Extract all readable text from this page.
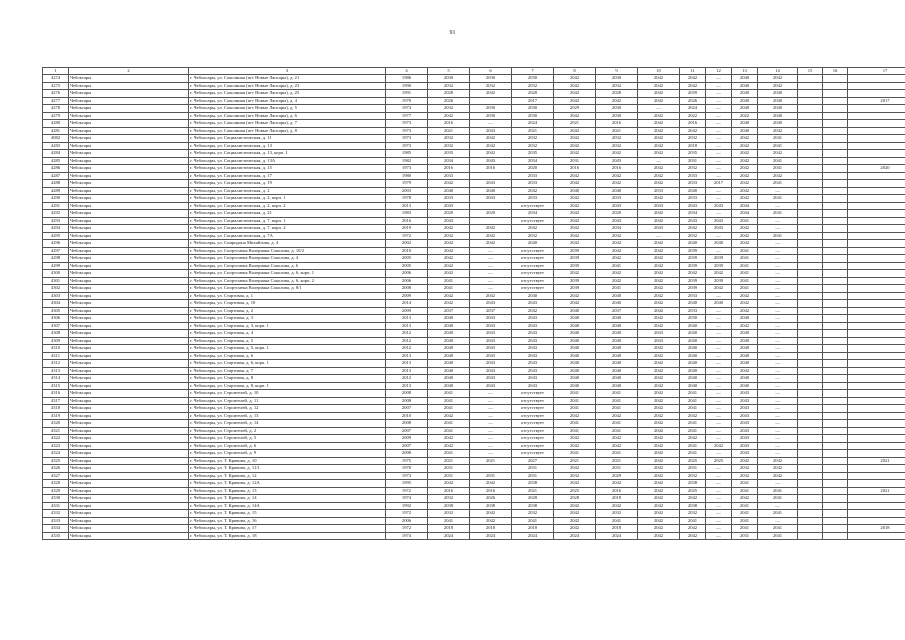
91
1	2	3	4	5	6	7	8	9	10	11	12	13	14	15	16	17
4274	Чебоксары	г. Чебоксары, ул. Соколиная (пгт Новые Лапсары), д. 21	1986	2030	2030	2030	2042	2030	2042	2042	—	2040	2042			
4275	Чебоксары	г. Чебоксары, ул. Соколиная (пгт Новые Лапсары), д. 23	1990	2032	2032	2032	2042	2032	2042	2042	—	2040	2042			
4276	Чебоксары	г. Чебоксары, ул. Соколиная (пгт Новые Лапсары), д. 25	1991	2028	2042	2028	2042	2028	2042	2039	—	2040	2040			
4277	Чебоксары	г. Чебоксары, ул. Соколиная (пгт Новые Лапсары), д. 4	1979	2026		2017	2042	2042	2042	2026	—	2040	2040			2017
4278	Чебоксары	г. Чебоксары, ул. Соколиная (пгт Новые Лапсары), д. 5	1973	2032	2030	2030	2029	2030	—	2024	—	2040	2040			
4279	Чебоксары	г. Чебоксары, ул. Соколиная (пгт Новые Лапсары), д. 6	1977	2042	2030	2030	2042	2030	2042	2022	—	2022	2040			
4280	Чебоксары	г. Чебоксары, ул. Соколиная (пгт Новые Лапсары), д. 7	1973	2016	—	2024	2021	2016	2042	2016	—	2040	2040			
4281	Чебоксары	г. Чебоксары, ул. Соколиная (пгт Новые Лапсары), д. 8	1973	2021	2043	2021	2042	2021	2042	2042	—	2040	2042			
4082	Чебоксары	г. Чебоксары, ул. Социалистическая, д. 11	1973	2032	2042	2032	2042	2032	2042	2032	—	2042	2041			
4283	Чебоксары	г. Чебоксары, ул. Социалистическая, д. 13	1973	2032	2042	2032	2042	2032	2042	2018	—	2042	2041			
4284	Чебоксары	г. Чебоксары, ул. Социалистическая, д. 13, корп. 1	1985	2035	2042	2035	2042	2042	2042	2035	—	2042	2042			
4285	Чебоксары	г. Чебоксары, ул. Социалистическая, д. 13А	1982	2034	2043	2034	2031	2043	—	2031	—	2042	2041			
4286	Чебоксары	г. Чебоксары, ул. Социалистическая, д. 15	1973	2016	2016	2020	2016	2016	2042	2032	—	2042	2041			2020
4287	Чебоксары	г. Чебоксары, ул. Социалистическая, д. 17	1980	2033		2033	2042	2042	2042	2033	—	2042	2042			
4288	Чебоксары	г. Чебоксары, ул. Социалистическая, д. 19	1979	2042	2043	2033	2042	2042	2042	2033	2017	2042	2041			
4289	Чебоксары	г. Чебоксары, ул. Социалистическая, д. 2	2003	2040	2040	2042	2040	2040	2033	2040	—	2042	—			
4290	Чебоксары	г. Чебоксары, ул. Социалистическая, д. 2, корп. 1	1978	2033	2043	2033	2042	2033	2042	2033	—	2042	2041			
4291	Чебоксары	г. Чебоксары, ул. Социалистическая, д. 2, корп. 2	2013	2043		отсутствует	2042	2043	2043	2043	2043	2044	—			
4292	Чебоксары	г. Чебоксары, ул. Социалистическая, д. 21	1983	2020	2020	2034	2042	2020	2042	2034	—	2044	2041			
4293	Чебоксары	г. Чебоксары, ул. Социалистическая, д. 7, корп. 1	2016	2043		отсутствует	2042	2043	2042	2043	2043	2041	—			
4294	Чебоксары	г. Чебоксары, ул. Социалистическая, д. 7, корп. 2	2019	2042	2042	2042	2042	2034	2043	2042	2043	2042	—			
4295	Чебоксары	г. Чебоксары, ул. Социалистическая, д. 7А	1972	2032	2042	2032	2042	2032	—	2032	—	2042	2041			
4296	Чебоксары	г. Чебоксары, ул. Спиридона Михайлова, д. 4	2002	2042	2042	2040	2042	2042	2042	2040	2040	2042	—			
4297	Чебоксары	г. Чебоксары, ул. Спортсмена Валериана Соколова, д. 10/2	2010	2042	—	отсутствует	2039	2042	2042	2039	—	2041	—			
4298	Чебоксары	г. Чебоксары, ул. Спортсмена Валериана Соколова, д. 4	2005	2042	—	отсутствует	2039	2042	2042	2039	2039	2041	—			
4299	Чебоксары	г. Чебоксары, ул. Спортсмена Валериана Соколова, д. 6	2005	2042	—	отсутствует	2039	2041	2042	2039	2039	2041	—			
4300	Чебоксары	г. Чебоксары, ул. Спортсмена Валериана Соколова, д. 6, корп. 1	2006	2042	—	отсутствует	2042	2042	2042	2042	2042	2041	—			
4301	Чебоксары	г. Чебоксары, ул. Спортсмена Валериана Соколова, д. 6, корп. 2	2006	2041	—	отсутствует	2039	2042	2042	2039	2039	2041	—			
4302	Чебоксары	г. Чебоксары, ул. Спортсмена Валериана Соколова, д. 8/1	2008	2041	—	отсутствует	2039	2041	2042	2039	2042	2041	—			
4303	Чебоксары	г. Чебоксары, ул. Стартовая, д. 1	2009	2042	2042	2040	2042	2040	2042	2033	—	2042	—			
4304	Чебоксары	г. Чебоксары, ул. Стартовая, д. 10	2014	2042	2043	2043	2042	2040	2042	2040	2040	2042	—			
4305	Чебоксары	г. Чебоксары, ул. Стартовая, д. 2	2009	2037	2037	2042	2040	2037	2042	2033	—	2042	—			
4306	Чебоксары	г. Чебоксары, ул. Стартовая, д. 3	2013	2040	2043	2043	2040	2040	2042	2030	—	2040	—			
4307	Чебоксары	г. Чебоксары, ул. Стартовая, д. 3, корп. 1	2013	2040	2043	2043	2040	2040	2042	2040	—	2042	—			
4308	Чебоксары	г. Чебоксары, ул. Стартовая, д. 4	2012	2040	2043	2043	2040	2040	2043	2040	—	2040	—			
4309	Чебоксары	г. Чебоксары, ул. Стартовая, д. 5	2012	2040	2043	2043	2040	2040	2043	2040	—	2040	—			
4310	Чебоксары	г. Чебоксары, ул. Стартовая, д. 5, корп. 1	2012	2040	2043	2043	2040	2040	2042	2040	—	2040	—			
4311	Чебоксары	г. Чебоксары, ул. Стартовая, д. 6	2013	2040	2043	2043	2040	2040	2042	2040	—	2040	—			
4312	Чебоксары	г. Чебоксары, ул. Стартовая, д. 6, корп. 1	2013	2040	2043	2043	2040	2040	2042	2040	—	2040	—			
4313	Чебоксары	г. Чебоксары, ул. Стартовая, д. 7	2013	2040	2043	2043	2040	2040	2042	2040	—	2042	—			
4314	Чебоксары	г. Чебоксары, ул. Стартовая, д. 8	2012	2040	2043	2043	2040	2040	2042	2040	—	2040	—			
4315	Чебоксары	г. Чебоксары, ул. Стартовая, д. 8, корп. 1	2013	2040	2043	2043	2040	2040	2042	2040	—	2040	—			
4316	Чебоксары	г. Чебоксары, ул. Строителей, д. 10	2008	2041	—	отсутствует	2041	2041	2042	2041	—	2043	—			
4317	Чебоксары	г. Чебоксары, ул. Строителей, д. 11	2008	2041	—	отсутствует	2041	2041	2042	2041	—	2043	—			
4318	Чебоксары	г. Чебоксары, ул. Строителей, д. 12	2007	2041	—	отсутствует	2041	2041	2042	2041	—	2043	—			
4319	Чебоксары	г. Чебоксары, ул. Строителей, д. 13	2010	2042	—	отсутствует	2042	2042	2042	2042	—	2043	—			
4320	Чебоксары	г. Чебоксары, ул. Строителей, д. 14	2008	2041	—	отсутствует	2041	2041	2042	2041	—	2043	—			
4321	Чебоксары	г. Чебоксары, ул. Строителей, д. 2	2007	2041	—	отсутствует	2041	2041	2042	2041	—	2043	—			
4322	Чебоксары	г. Чебоксары, ул. Строителей, д. 5	2009	2042	—	отсутствует	2042	2042	2042	2042	—	2043	—			
4323	Чебоксары	г. Чебоксары, ул. Строителей, д. 6	2007	2042	—	отсутствует	2042	2042	2042	2041	2042	2043	—			
4324	Чебоксары	г. Чебоксары, ул. Строителей, д. 9	2008	2041	—	отсутствует	2041	2041	2042	2041	—	2043	—			
4325	Чебоксары	г. Чебоксары, ул. Т. Кривова, д. 10	1975	2021	2021	2027	2021	2021	2042	2025	2025	2042	2042			2021
4326	Чебоксары	г. Чебоксары, ул. Т. Кривова, д. 11/1	1970	2031		2031	2042	2031	2042	2031	—	2032	2042			
4327	Чебоксары	г. Чебоксары, ул. Т. Кривова, д. 12	1973	2031	2031	2031	2032	2029	2042	2032	—	2032	2042			
4328	Чебоксары	г. Чебоксары, ул. Т. Кривова, д. 12А	1995	2042	2042	2038	2042	2042	2042	2038	—	2041	—			
4329	Чебоксары	г. Чебоксары, ул. Т. Кривова, д. 13	1972	2016	2016	2021	2025	2016	2042	2025	—	2041	2041			2021
4330	Чебоксары	г. Чебоксары, ул. Т. Кривова, д. 14	1974	2032	2026	2028	2028	2018	2042	2042	—	2042	2041			
4331	Чебоксары	г. Чебоксары, ул. Т. Кривова, д. 14А	1992	2038	2038	2038	2042	2042	2042	2038	—	2041	—			
4332	Чебоксары	г. Чебоксары, ул. Т. Кривова, д. 15	1972	2032	2042	2032	2042	2032	2042	2032	—	2041	2041			
4333	Чебоксары	г. Чебоксары, ул. Т. Кривова, д. 16	2006	2041	2042	2041	2042	2041	2042	2041	—	2041	—			
4334	Чебоксары	г. Чебоксары, ул. Т. Кривова, д. 17	1972	2018	2018	2018	2042	2018	2042	2042	—	2041	2041			2018
4335	Чебоксары	г. Чебоксары, ул. Т. Кривова, д. 18	1974	2024	2024	2024	2024	2024	2042	2042	—	2031	2041			
